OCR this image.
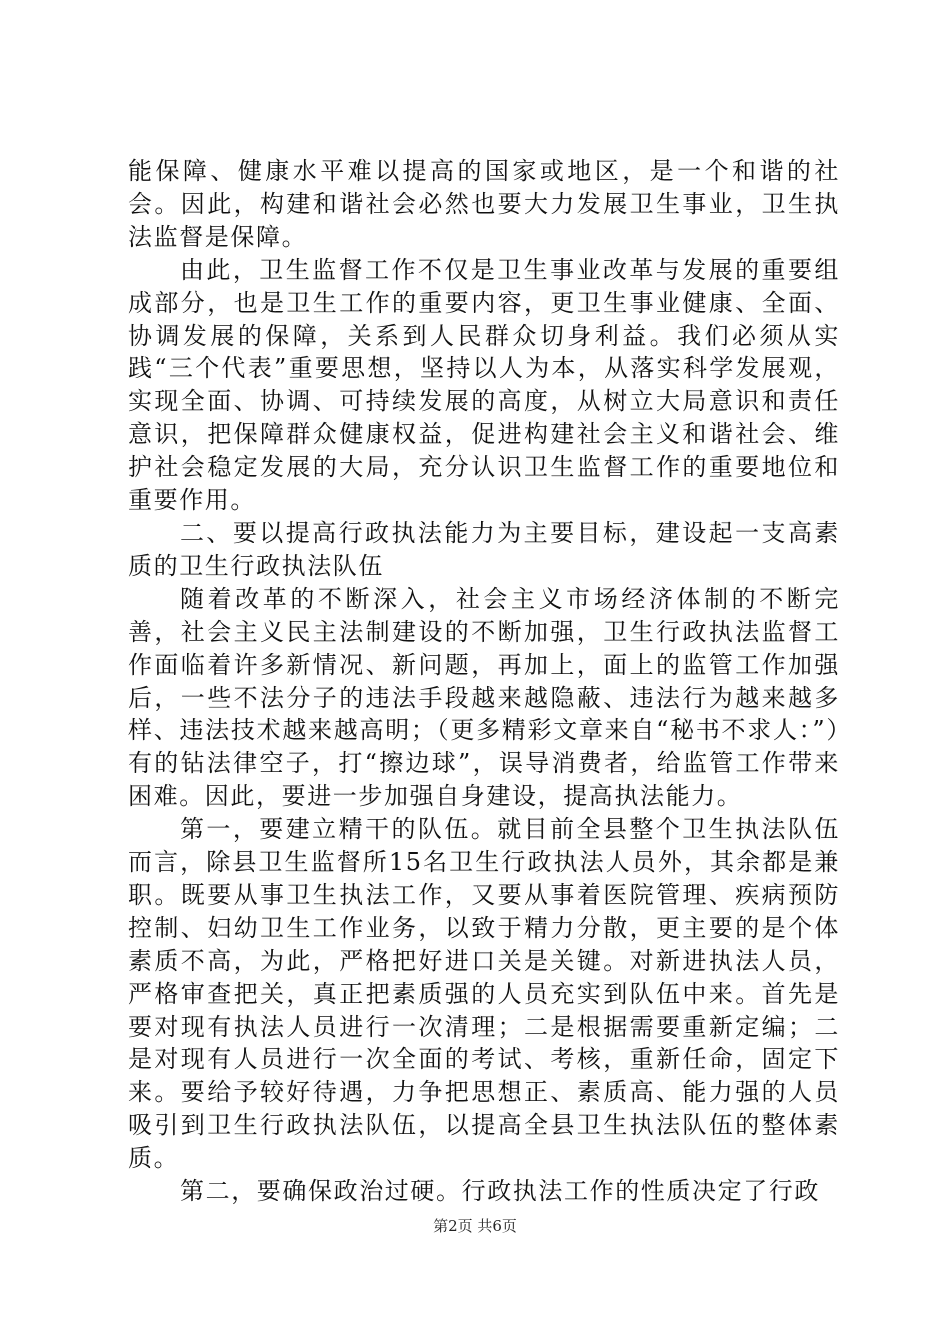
能保障、健康水平难以提高的国家或地区，是一个和谐的社会。因此，构建和谐社会必然也要大力发展卫生事业，卫生执法监督是保障。

由此，卫生监督工作不仅是卫生事业改革与发展的重要组成部分，也是卫生工作的重要内容，更卫生事业健康、全面、协调发展的保障，关系到人民群众切身利益。我们必须从实践“三个代表”重要思想，坚持以人为本，从落实科学发展观，实现全面、协调、可持续发展的高度，从树立大局意识和责任意识，把保障群众健康权益，促进构建社会主义和谐社会、维护社会稳定发展的大局，充分认识卫生监督工作的重要地位和重要作用。

二、要以提高行政执法能力为主要目标，建设起一支高素质的卫生行政执法队伍

随着改革的不断深入，社会主义市场经济体制的不断完善，社会主义民主法制建设的不断加强，卫生行政执法监督工作面临着许多新情况、新问题，再加上，面上的监管工作加强后，一些不法分子的违法手段越来越隐蔽、违法行为越来越多样、违法技术越来越高明；（更多精彩文章来自“秘书不求人：”）有的钻法律空子，打“擦边球”，误导消费者，给监管工作带来困难。因此，要进一步加强自身建设，提高执法能力。

第一，要建立精干的队伍。就目前全县整个卫生执法队伍而言，除县卫生监督所15名卫生行政执法人员外，其余都是兼职。既要从事卫生执法工作，又要从事着医院管理、疾病预防控制、妇幼卫生工作业务，以致于精力分散，更主要的是个体素质不高，为此，严格把好进口关是关键。对新进执法人员，严格审查把关，真正把素质强的人员充实到队伍中来。首先是要对现有执法人员进行一次清理；二是根据需要重新定编；二是对现有人员进行一次全面的考试、考核，重新任命，固定下来。要给予较好待遇，力争把思想正、素质高、能力强的人员吸引到卫生行政执法队伍，以提高全县卫生执法队伍的整体素质。

第二，要确保政治过硬。行政执法工作的性质决定了行政

第2页 共6页
